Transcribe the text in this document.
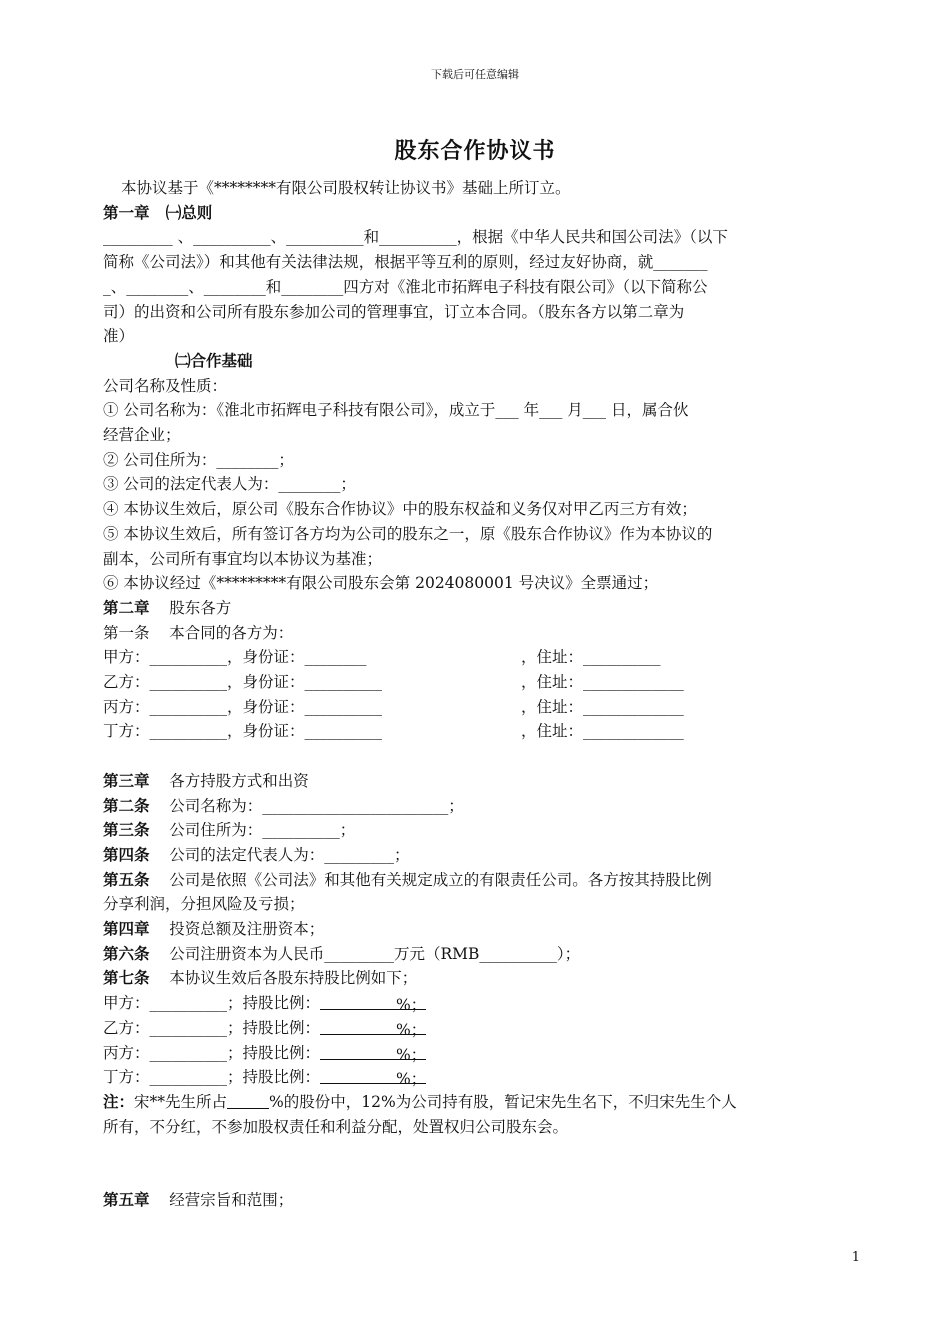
下载后可任意编辑
股东合作协议书
本协议基于《********有限公司股权转让协议书》基础上所订立。
第一章 ㈠总则
_________ 、__________、__________和__________，根据《中华人民共和国公司法》（以下
简称《公司法》）和其他有关法律法规，根据平等互利的原则，经过友好协商，就_______
_、________、________和________四方对《淮北市拓辉电子科技有限公司》（以下简称公
司）的出资和公司所有股东参加公司的管理事宜，订立本合同。（股东各方以第二章为
准）
㈡合作基础
公司名称及性质：
① 公司名称为：《淮北市拓辉电子科技有限公司》，成立于___ 年___ 月___ 日，属合伙
经营企业；
② 公司住所为：________；
③ 公司的法定代表人为：________；
④ 本协议生效后，原公司《股东合作协议》中的股东权益和义务仅对甲乙丙三方有效；
⑤ 本协议生效后，所有签订各方均为公司的股东之一，原《股东合作协议》作为本协议的
副本，公司所有事宜均以本协议为基准；
⑥ 本协议经过《*********有限公司股东会第 2024080001 号决议》全票通过；
第二章 股东各方
第一条 本合同的各方为：
甲方：__________，身份证：________	，住址：__________
乙方：__________，身份证：__________	，住址：_____________
丙方：__________，身份证：__________	，住址：_____________
丁方：__________，身份证：__________	，住址：_____________
第三章 各方持股方式和出资
第二条 公司名称为：________________________；
第三条 公司住所为：__________；
第四条 公司的法定代表人为：_________；
第五条 公司是依照《公司法》和其他有关规定成立的有限责任公司。各方按其持股比例
分享利润，分担风险及亏损；
第四章 投资总额及注册资本；
第六条 公司注册资本为人民币_________万元（RMB__________）；
第七条 本协议生效后各股东持股比例如下；
甲方：__________；持股比例：	%；
乙方：__________；持股比例：	%；
丙方：__________；持股比例：	%；
丁方：__________；持股比例：	%；
注：宋**先生所占	%的股份中，12%为公司持有股，暂记宋先生名下，不归宋先生个人
所有，不分红，不参加股权责任和利益分配，处置权归公司股东会。
第五章 经营宗旨和范围；
1
